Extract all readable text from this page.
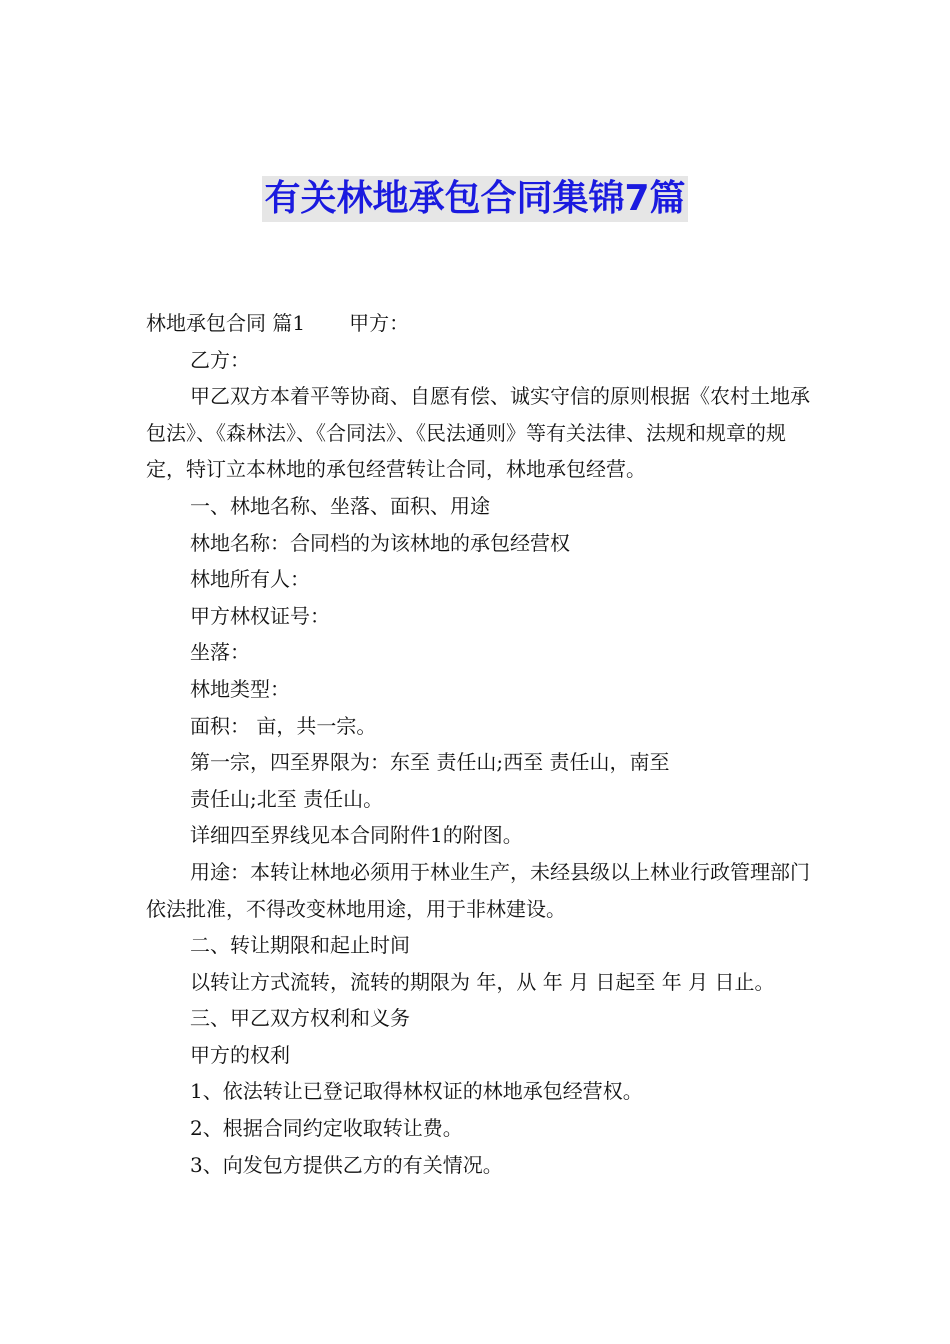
有关林地承包合同集锦7篇

林地承包合同 篇1 甲方：

乙方：

甲乙双方本着平等协商、自愿有偿、诚实守信的原则根据《农村土地承包法》、《森林法》、《合同法》、《民法通则》等有关法律、法规和规章的规定，特订立本林地的承包经营转让合同，林地承包经营。

一、林地名称、坐落、面积、用途

林地名称：合同档的为该林地的承包经营权

林地所有人：

甲方林权证号：

坐落：

林地类型：

面积： 亩，共一宗。

第一宗，四至界限为：东至 责任山;西至 责任山，南至

责任山;北至 责任山。

详细四至界线见本合同附件1的附图。

用途：本转让林地必须用于林业生产，未经县级以上林业行政管理部门依法批准，不得改变林地用途，用于非林建设。

二、转让期限和起止时间

以转让方式流转，流转的期限为 年，从 年 月 日起至 年 月 日止。

三、甲乙双方权利和义务

甲方的权利

1、依法转让已登记取得林权证的林地承包经营权。

2、根据合同约定收取转让费。

3、向发包方提供乙方的有关情况。
